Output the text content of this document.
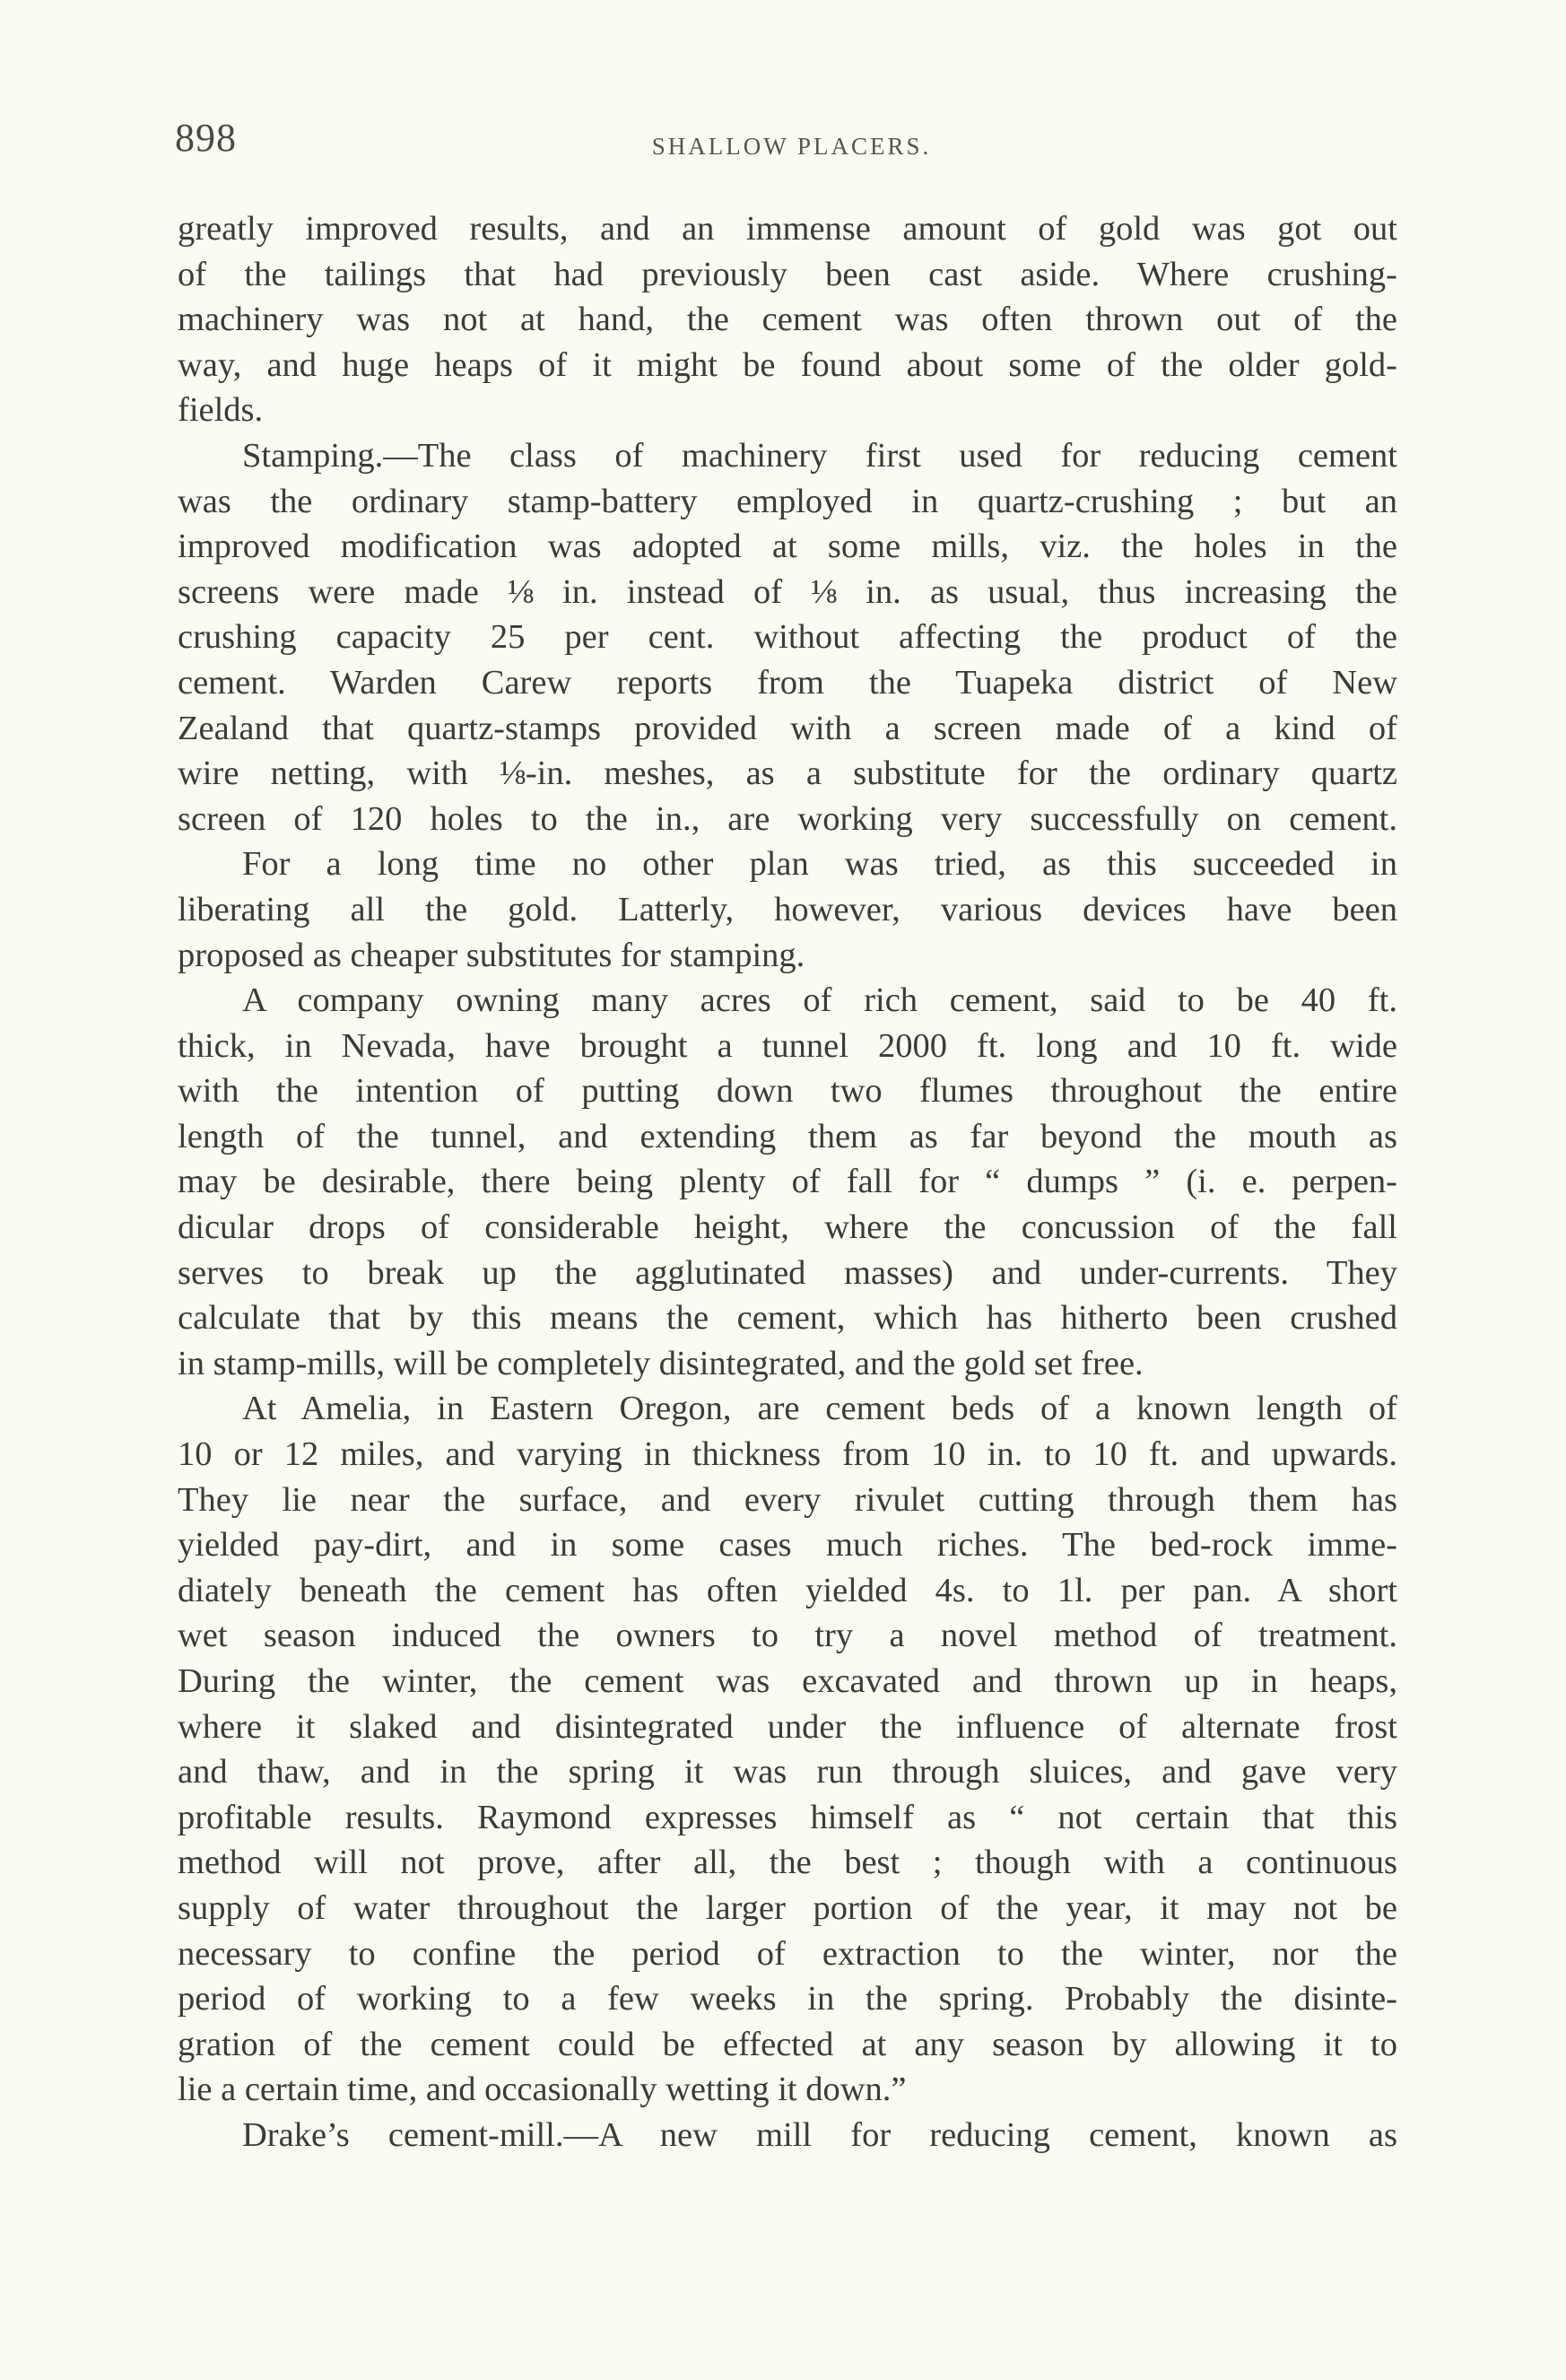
898	SHALLOW PLACERS.
greatly improved results, and an immense amount of gold was got out
of the tailings that had previously been cast aside. Where crushing-
machinery was not at hand, the cement was often thrown out of the
way, and huge heaps of it might be found about some of the older gold-
fields.
Stamping.—The class of machinery first used for reducing cement
was the ordinary stamp-battery employed in quartz-crushing ; but an
improved modification was adopted at some mills, viz. the holes in the
screens were made ⅛ in. instead of ⅛ in. as usual, thus increasing the
crushing capacity 25 per cent. without affecting the product of the
cement. Warden Carew reports from the Tuapeka district of New
Zealand that quartz-stamps provided with a screen made of a kind of
wire netting, with ⅛-in. meshes, as a substitute for the ordinary quartz
screen of 120 holes to the in., are working very successfully on cement.
For a long time no other plan was tried, as this succeeded in
liberating all the gold. Latterly, however, various devices have been
proposed as cheaper substitutes for stamping.
A company owning many acres of rich cement, said to be 40 ft.
thick, in Nevada, have brought a tunnel 2000 ft. long and 10 ft. wide
with the intention of putting down two flumes throughout the entire
length of the tunnel, and extending them as far beyond the mouth as
may be desirable, there being plenty of fall for “ dumps ” (i. e. perpen-
dicular drops of considerable height, where the concussion of the fall
serves to break up the agglutinated masses) and under-currents. They
calculate that by this means the cement, which has hitherto been crushed
in stamp-mills, will be completely disintegrated, and the gold set free.
At Amelia, in Eastern Oregon, are cement beds of a known length of
10 or 12 miles, and varying in thickness from 10 in. to 10 ft. and upwards.
They lie near the surface, and every rivulet cutting through them has
yielded pay-dirt, and in some cases much riches. The bed-rock imme-
diately beneath the cement has often yielded 4s. to 1l. per pan. A short
wet season induced the owners to try a novel method of treatment.
During the winter, the cement was excavated and thrown up in heaps,
where it slaked and disintegrated under the influence of alternate frost
and thaw, and in the spring it was run through sluices, and gave very
profitable results. Raymond expresses himself as “ not certain that this
method will not prove, after all, the best ; though with a continuous
supply of water throughout the larger portion of the year, it may not be
necessary to confine the period of extraction to the winter, nor the
period of working to a few weeks in the spring. Probably the disinte-
gration of the cement could be effected at any season by allowing it to
lie a certain time, and occasionally wetting it down.”
Drake’s cement-mill.—A new mill for reducing cement, known as
